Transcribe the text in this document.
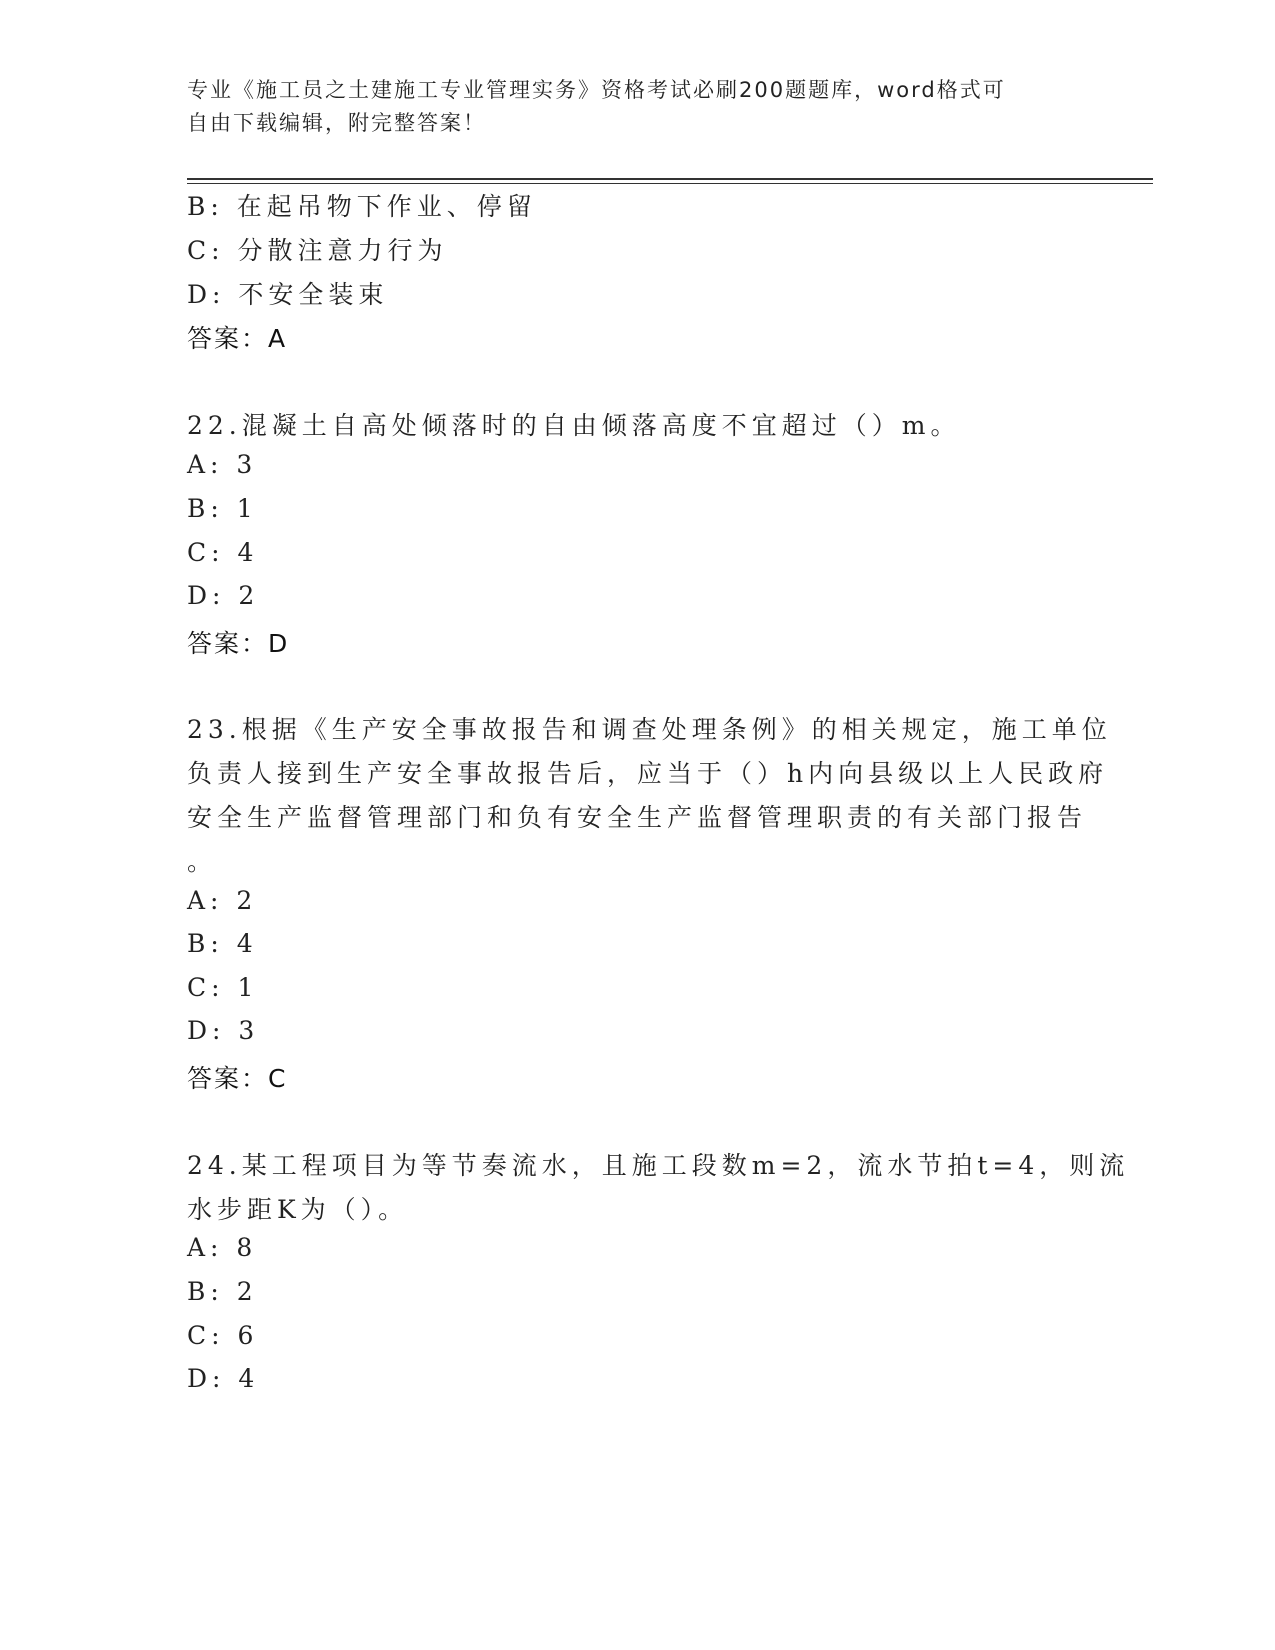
专业《施工员之土建施工专业管理实务》资格考试必刷200题题库，word格式可
自由下载编辑，附完整答案！
B: 在起吊物下作业、停留
C: 分散注意力行为
D: 不安全装束
答案：A
22.混凝土自高处倾落时的自由倾落高度不宜超过（）m。
A: 3
B: 1
C: 4
D: 2
答案：D
23.根据《生产安全事故报告和调查处理条例》的相关规定，施工单位
负责人接到生产安全事故报告后，应当于（）h内向县级以上人民政府
安全生产监督管理部门和负有安全生产监督管理职责的有关部门报告
。
A: 2
B: 4
C: 1
D: 3
答案：C
24.某工程项目为等节奏流水，且施工段数m=2，流水节拍t=4，则流
水步距K为（）。
A: 8
B: 2
C: 6
D: 4
